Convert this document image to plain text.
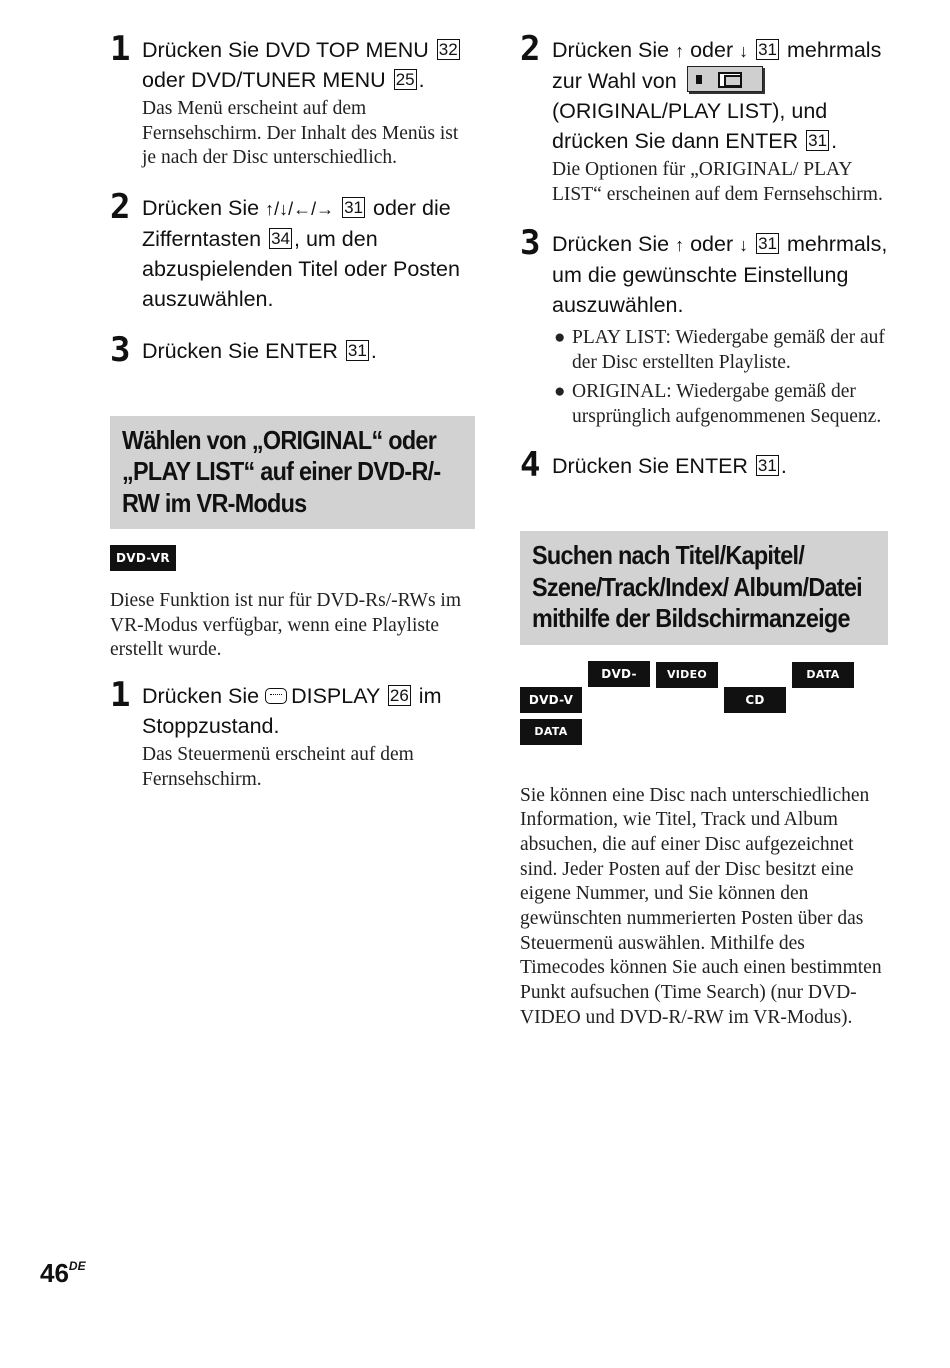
1 Drücken Sie DVD TOP MENU 32 oder DVD/TUNER MENU 25 .
Das Menü erscheint auf dem Fernsehschirm. Der Inhalt des Menüs ist je nach der Disc unterschiedlich.
2 Drücken Sie ↑/↓/←/→ 31 oder die Zifferntasten 34 , um den abzuspielenden Titel oder Posten auszuwählen.
3 Drücken Sie ENTER 31 .
Wählen von „ORIGINAL“ oder „PLAY LIST“ auf einer DVD-R/-RW im VR-Modus
DVD-VR
Diese Funktion ist nur für DVD-Rs/-RWs im VR-Modus verfügbar, wenn eine Playliste erstellt wurde.
1 Drücken Sie DISPLAY 26 im Stoppzustand.
Das Steuermenü erscheint auf dem Fernsehschirm.
2 Drücken Sie ↑ oder ↓ 31 mehrmals zur Wahl von
(ORIGINAL/PLAY LIST), und drücken Sie dann ENTER 31 .
Die Optionen für „ORIGINAL/ PLAY LIST“ erscheinen auf dem Fernsehschirm.
3 Drücken Sie ↑ oder ↓ 31 mehrmals, um die gewünschte Einstellung auszuwählen.
● PLAY LIST: Wiedergabe gemäß der auf der Disc erstellten Playliste.
● ORIGINAL: Wiedergabe gemäß der ursprünglich aufgenommenen Sequenz.
4 Drücken Sie ENTER 31 .
Suchen nach Titel/Kapitel/ Szene/Track/Index/ Album/Datei mithilfe der Bildschirmanzeige
DVD-VDVD-VRVIDEO CD	CDDATA CDDATA DVD
Sie können eine Disc nach unterschiedlichen Information, wie Titel, Track und Album absuchen, die auf einer Disc aufgezeichnet sind. Jeder Posten auf der Disc besitzt eine eigene Nummer, und Sie können den gewünschten nummerierten Posten über das Steuermenü auswählen. Mithilfe des Timecodes können Sie auch einen bestimmten Punkt aufsuchen (Time Search) (nur DVD-VIDEO und DVD-R/-RW im VR-Modus).
46DE
